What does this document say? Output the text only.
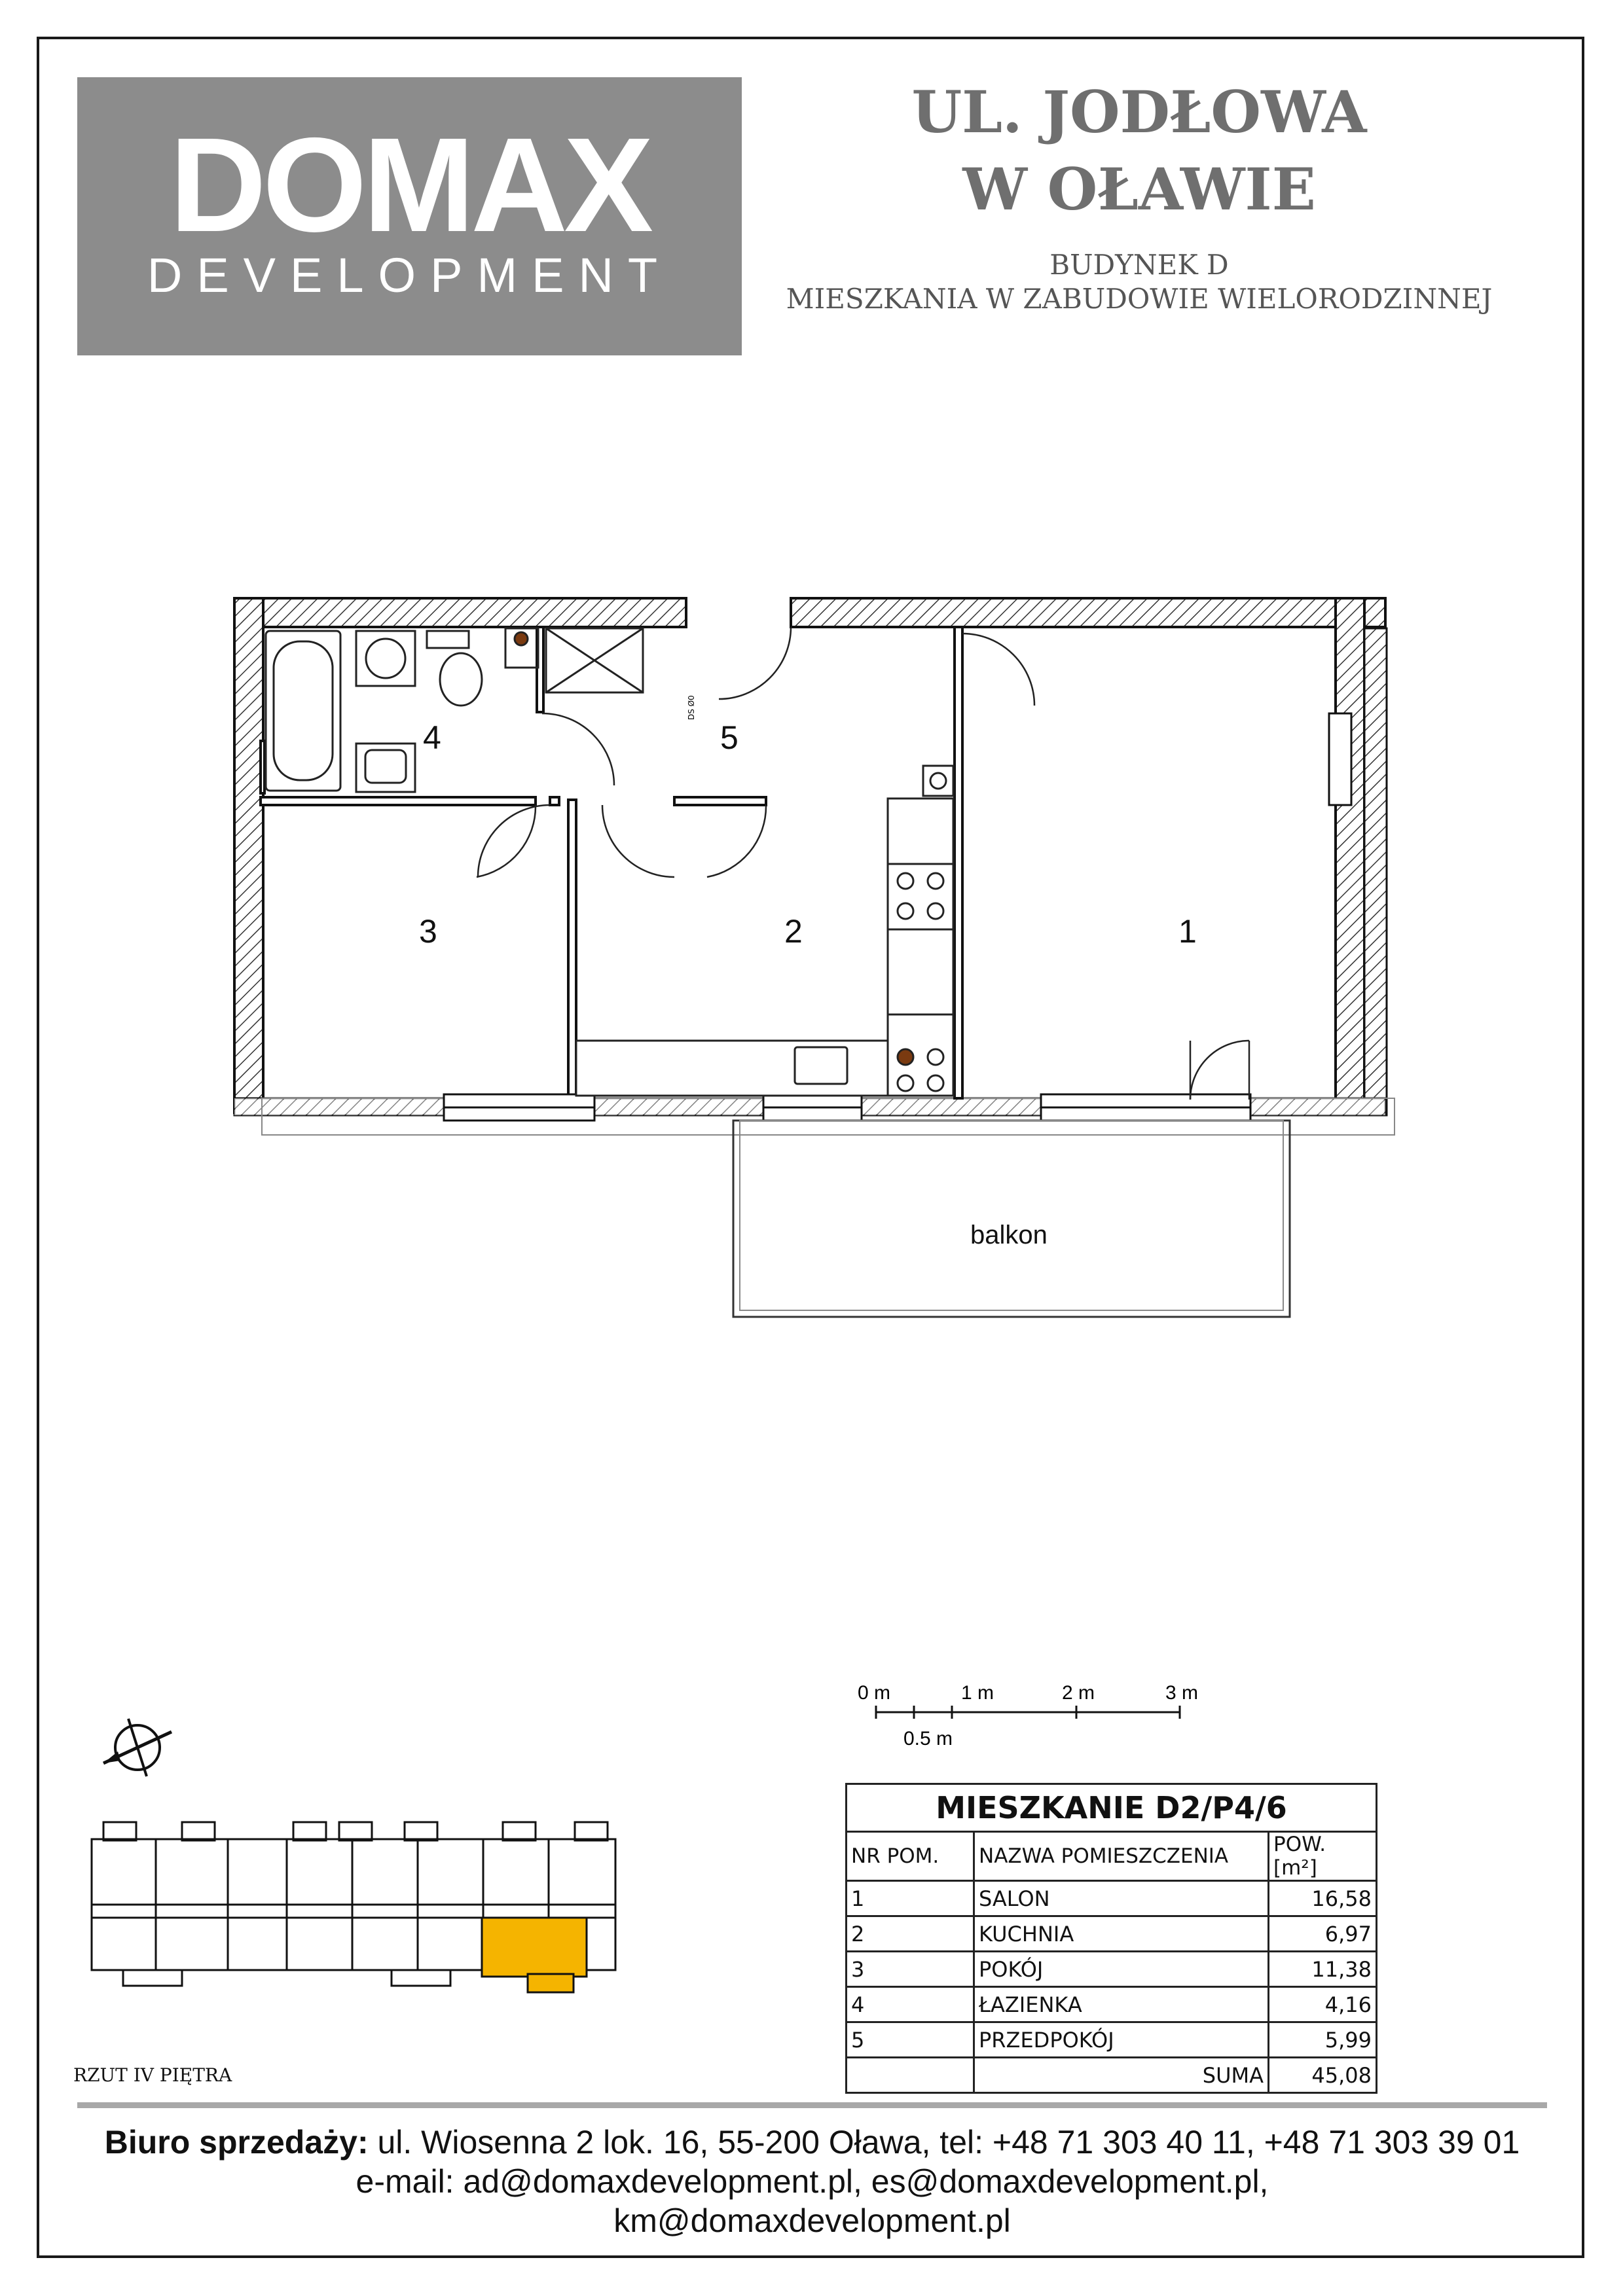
DOMAX
DEVELOPMENT
UL. JODŁOWA
W OŁAWIE
BUDYNEK D
MIESZKANIA W ZABUDOWIE WIELORODZINNEJ
1
2
3
4	5
balkon
DS Ø0
0 m	1 m	2 m	3 m
0.5 m
RZUT IV PIĘTRA
MIESZKANIE D2/P4/6		
NR POM.	NAZWA POMIESZCZENIA	POW. [m²]
1	SALON	16,58
2	KUCHNIA	6,97
3	POKÓJ	11,38
4	ŁAZIENKA	4,16
5	PRZEDPOKÓJ	5,99
	SUMA	45,08
Biuro sprzedaży: ul. Wiosenna 2 lok. 16, 55-200 Oława, tel: +48 71 303 40 11, +48 71 303 39 01
e-mail: ad@domaxdevelopment.pl, es@domaxdevelopment.pl,
km@domaxdevelopment.pl
